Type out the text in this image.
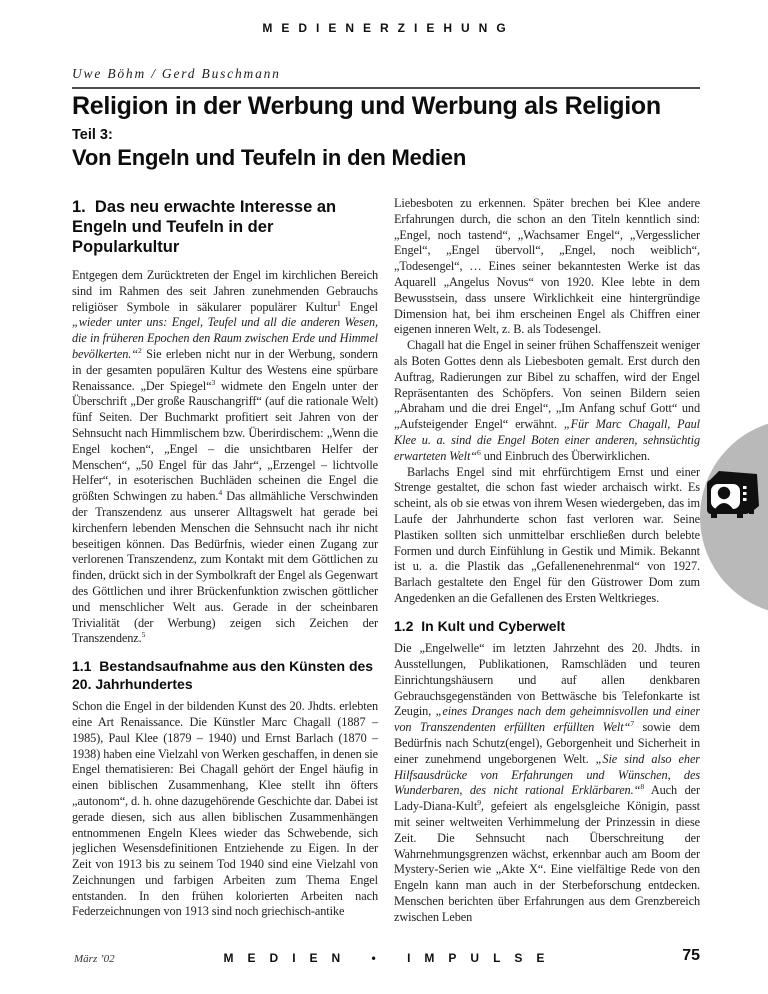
MEDIENERZIEHUNG
Uwe Böhm / Gerd Buschmann
Religion in der Werbung und Werbung als Religion
Teil 3:
Von Engeln und Teufeln in den Medien
1.  Das neu erwachte Interesse an Engeln und Teufeln in der Popularkultur

Entgegen dem Zurücktreten der Engel im kirchlichen Bereich sind im Rahmen des seit Jahren zunehmenden Gebrauchs religiöser Symbole in säkularer populärer Kultur$^1$ Engel „wieder unter uns: Engel, Teufel und all die anderen Wesen, die in früheren Epochen den Raum zwischen Erde und Himmel bevölkerten.“$^2$ Sie erleben nicht nur in der Werbung, sondern in der gesamten populären Kultur des Westens eine spürbare Renaissance. „Der Spiegel“$^3$ widmete den Engeln unter der Überschrift „Der große Rauschangriff“ (auf die rationale Welt) fünf Seiten. Der Buchmarkt profitiert seit Jahren von der Sehnsucht nach Himmlischem bzw. Überirdischem: „Wenn die Engel kochen“, „Engel – die unsichtbaren Helfer der Menschen“, „50 Engel für das Jahr“, „Erzengel – lichtvolle Helfer“, in esoterischen Buchläden scheinen die Engel die größten Schwingen zu haben.$^4$ Das allmähliche Verschwinden der Transzendenz aus unserer Alltagswelt hat gerade bei kirchenfern lebenden Menschen die Sehnsucht nach ihr nicht beseitigen können. Das Bedürfnis, wieder einen Zugang zur verlorenen Transzendenz, zum Kontakt mit dem Göttlichen zu finden, drückt sich in der Symbolkraft der Engel als Gegenwart des Göttlichen und ihrer Brückenfunktion zwischen göttlicher und menschlicher Welt aus. Gerade in der scheinbaren Trivialität (der Werbung) zeigen sich Zeichen der Transzendenz.$^5$

1.1  Bestandsaufnahme aus den Künsten des 20. Jahrhundertes

Schon die Engel in der bildenden Kunst des 20. Jhdts. erlebten eine Art Renaissance. Die Künstler Marc Chagall (1887 – 1985), Paul Klee (1879 – 1940) und Ernst Barlach (1870 – 1938) haben eine Vielzahl von Werken geschaffen, in denen sie Engel thematisieren: Bei Chagall gehört der Engel häufig in einen biblischen Zusammenhang, Klee stellt ihn öfters „autonom“, d. h. ohne dazugehörende Geschichte dar. Dabei ist gerade diesen, sich aus allen biblischen Zusammenhängen entnommenen Engeln Klees wieder das Schwebende, sich jeglichen Wesensdefinitionen Entziehende zu Eigen. In der Zeit von 1913 bis zu seinem Tod 1940 sind eine Vielzahl von Zeichnungen und farbigen Arbeiten zum Thema Engel entstanden. In den frühen kolorierten Arbeiten nach Federzeichnungen von 1913 sind noch griechisch-antike

Liebesboten zu erkennen. Später brechen bei Klee andere Erfahrungen durch, die schon an den Titeln kenntlich sind: „Engel, noch tastend“, „Wachsamer Engel“, „Vergesslicher Engel“, „Engel übervoll“, „Engel, noch weiblich“, „Todesengel“, … Eines seiner bekanntesten Werke ist das Aquarell „Angelus Novus“ von 1920. Klee lebte in dem Bewusstsein, dass unsere Wirklichkeit eine hintergründige Dimension hat, bei ihm erscheinen Engel als Chiffren einer eigenen inneren Welt, z. B. als Todesengel.

Chagall hat die Engel in seiner frühen Schaffenszeit weniger als Boten Gottes denn als Liebesboten gemalt. Erst durch den Auftrag, Radierungen zur Bibel zu schaffen, wird der Engel Repräsentanten des Schöpfers. Von seinen Bildern seien „Abraham und die drei Engel“, „Im Anfang schuf Gott“ und „Aufsteigender Engel“ erwähnt. „Für Marc Chagall, Paul Klee u. a. sind die Engel Boten einer anderen, sehnsüchtig erwarteten Welt“$^6$ und Einbruch des Überwirklichen.

Barlachs Engel sind mit ehrfürchtigem Ernst und einer Strenge gestaltet, die schon fast wieder archaisch wirkt. Es scheint, als ob sie etwas von ihrem Wesen wiedergeben, das im Laufe der Jahrhunderte schon fast verloren war. Seine Plastiken sollten sich unmittelbar erschließen durch belebte Formen und durch Einfühlung in Gestik und Mimik. Bekannt ist u. a. die Plastik das „Gefallenenehrenmal“ von 1927. Barlach gestaltete den Engel für den Güstrower Dom zum Angedenken an die Gefallenen des Ersten Weltkrieges.

1.2  In Kult und Cyberwelt

Die „Engelwelle“ im letzten Jahrzehnt des 20. Jhdts. in Ausstellungen, Publikationen, Ramschläden und teuren Einrichtungshäusern und auf allen denkbaren Gebrauchsgegenständen von Bettwäsche bis Telefonkarte ist Zeugin, „eines Dranges nach dem geheimnisvollen und einer von Transzendenten erfüllten erfüllten Welt“$^7$ sowie dem Bedürfnis nach Schutz(engel), Geborgenheit und Sicherheit in einer zunehmend ungeborgenen Welt. „Sie sind also eher Hilfsausdrücke von Erfahrungen und Wünschen, des Wunderbaren, des nicht rational Erklärbaren.“$^8$ Auch der Lady-Diana-Kult$^9$, gefeiert als engelsgleiche Königin, passt mit seiner weltweiten Verhimmelung der Prinzessin in diese Zeit. Die Sehnsucht nach Überschreitung der Wahrnehmungsgrenzen wächst, erkennbar auch am Boom der Mystery-Serien wie „Akte X“. Eine vielfältige Rede von den Engeln kann man auch in der Sterbeforschung entdecken. Menschen berichten über Erfahrungen aus dem Grenzbereich zwischen Leben

März ’02	MEDIEN • IMPULSE	75
